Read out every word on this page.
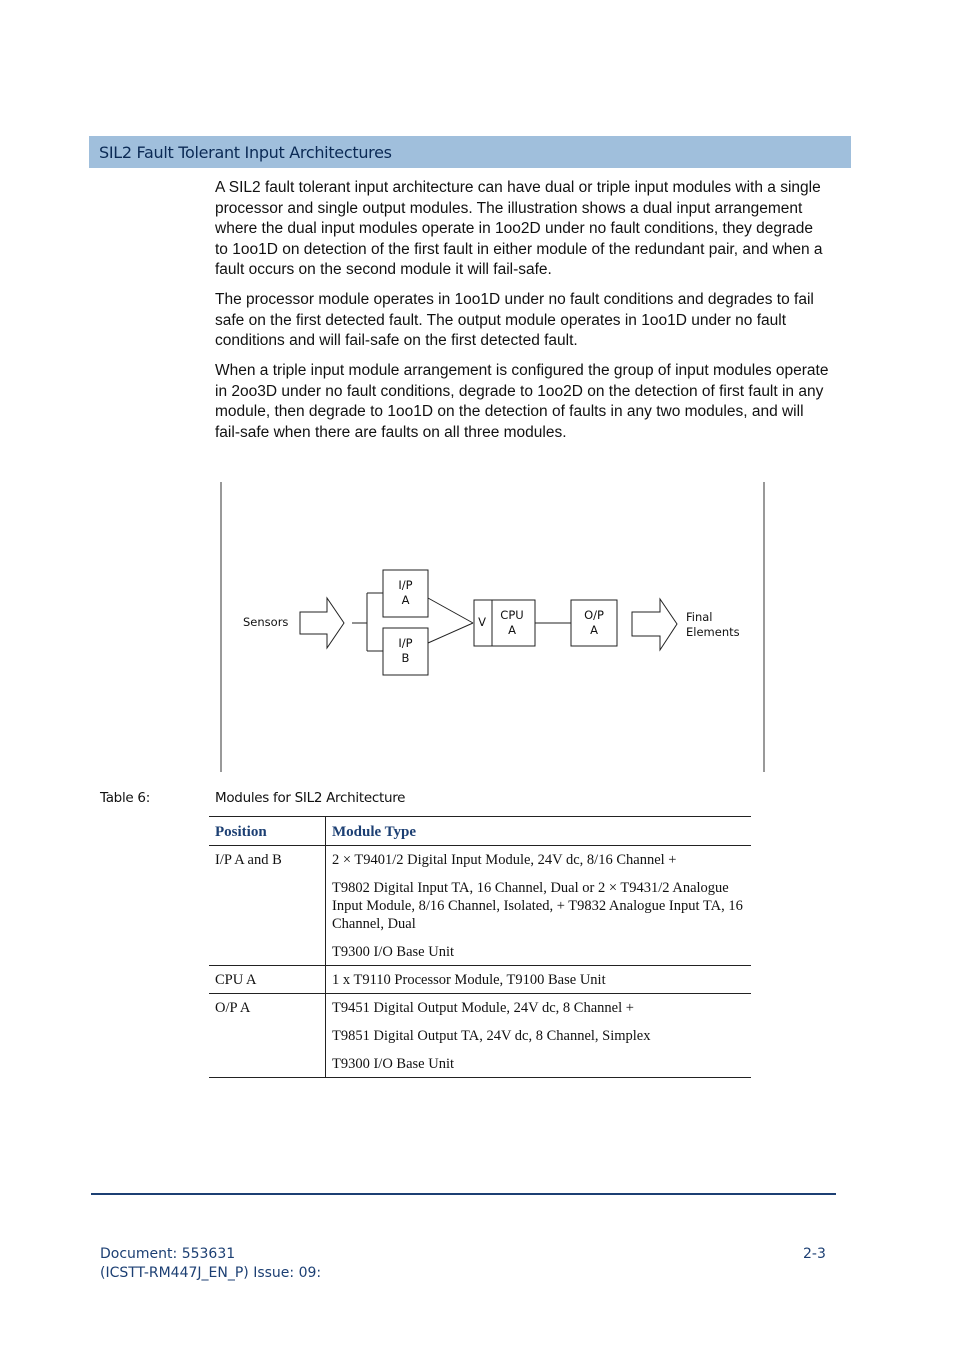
SIL2 Fault Tolerant Input Architectures
A SIL2 fault tolerant input architecture can have dual or triple input modules with a single processor and single output modules. The illustration shows a dual input arrangement where the dual input modules operate in 1oo2D under no fault conditions, they degrade to 1oo1D on detection of the first fault in either module of the redundant pair, and when a fault occurs on the second module it will fail-safe.
The processor module operates in 1oo1D under no fault conditions and degrades to fail safe on the first detected fault. The output module operates in 1oo1D under no fault conditions and will fail-safe on the first detected fault.
When a triple input module arrangement is configured the group of input modules operate in 2oo3D under no fault conditions, degrade to 1oo2D on the detection of first fault in any module, then degrade to 1oo1D on the detection of faults in any two modules, and will fail-safe when there are faults on all three modules.
Sensors
I/P
A
I/P
B
V CPU
A
O/P
A
Final
Elements
Table 6:	Modules for SIL2 Architecture
Position	Module Type
I/P A and B	2 × T9401/2 Digital Input Module, 24V dc, 8/16 Channel +
T9802 Digital Input TA, 16 Channel, Dual or 2 × T9431/2 Analogue Input Module, 8/16 Channel, Isolated, + T9832 Analogue Input TA, 16 Channel, Dual
T9300 I/O Base Unit

CPU A	1 x T9110 Processor Module, T9100 Base Unit

O/P A	T9451 Digital Output Module, 24V dc, 8 Channel +
T9851 Digital Output TA, 24V dc, 8 Channel, Simplex
T9300 I/O Base Unit
Document: 553631
(ICSTT-RM447J_EN_P) Issue: 09:
2-3
